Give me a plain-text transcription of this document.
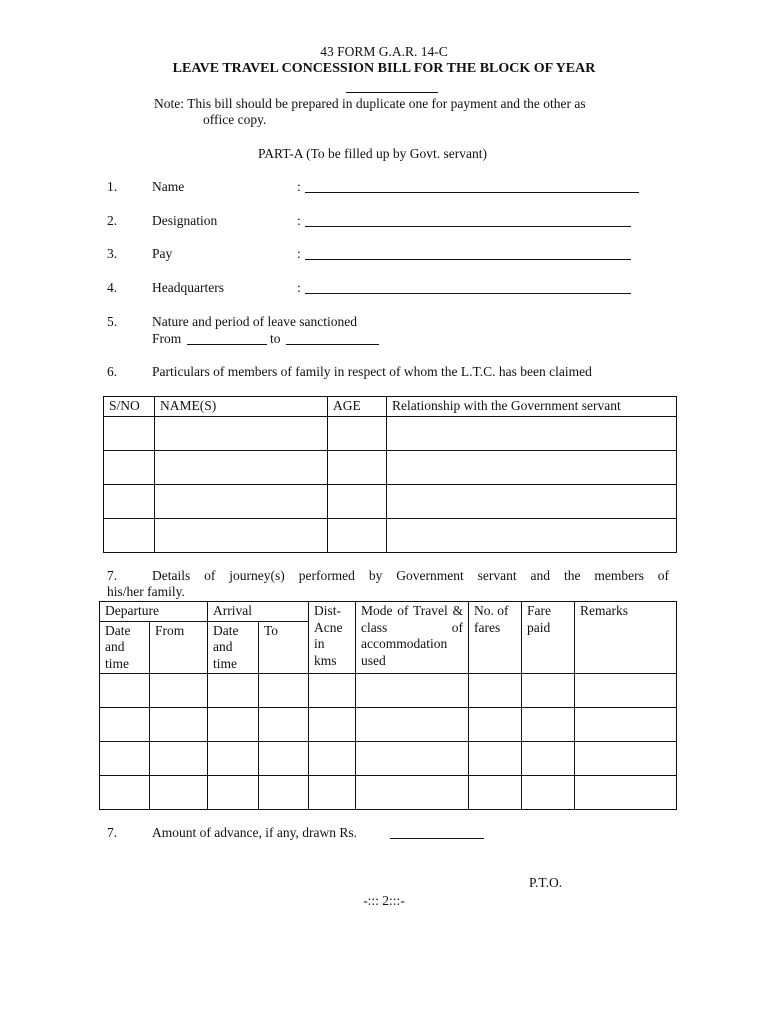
43 FORM G.A.R. 14-C
LEAVE TRAVEL CONCESSION BILL FOR THE BLOCK OF YEAR
Note: This bill should be prepared in duplicate one for payment and the other as
office copy.
PART-A (To be filled up by Govt. servant)
1.	Name	:
2.	Designation	:
3.	Pay	:
4.	Headquarters	:
5.	Nature and period of leave sanctioned
From	to
6.	Particulars of members of family in respect of whom the L.T.C. has been claimed
S/NO	NAME(S)	AGE	Relationship with the Government servant

7.	Details of journey(s) performed by Government servant and the members of
his/her family.
Departure		Arrival		Dist-Acne in kms	Mode of Travel & class of accommodation used	No. of fares	Fare paid	Remarks
Date and time	From	Date and time	To					

7.	Amount of advance, if any, drawn Rs.
P.T.O.
-::: 2:::-
